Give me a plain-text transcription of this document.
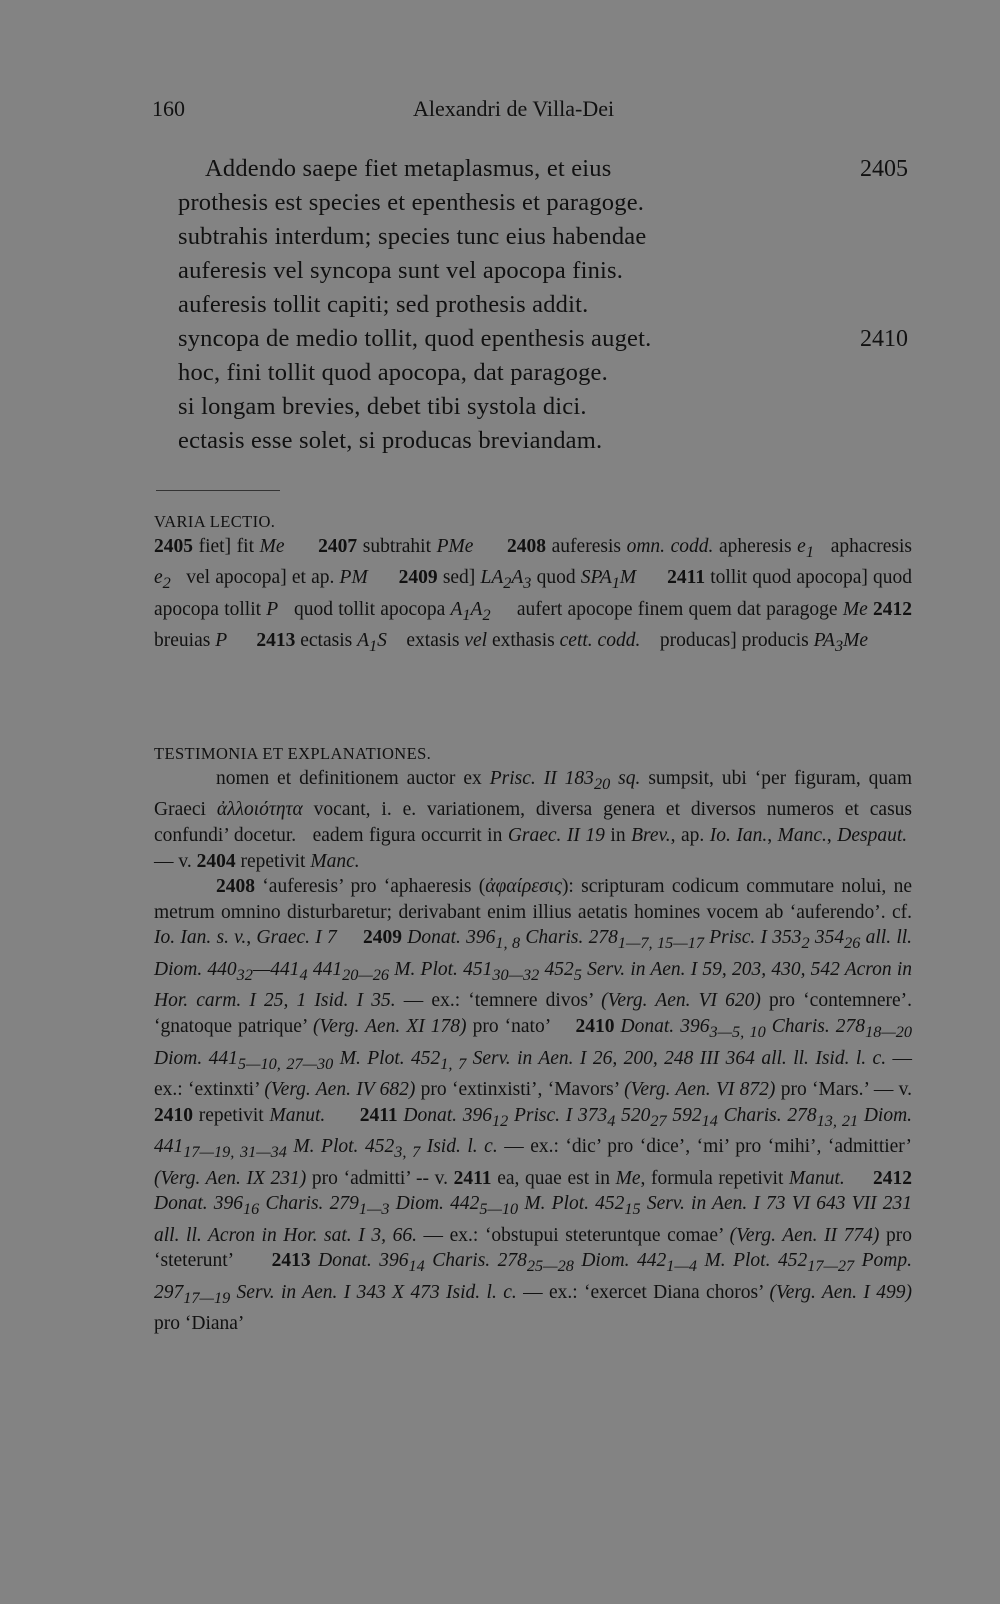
160	Alexandri de Villa-Dei
Addendo saepe fiet metaplasmus, et eius	2405
prothesis est species et epenthesis et paragoge.
subtrahis interdum; species tunc eius habendae
auferesis vel syncopa sunt vel apocopa finis.
auferesis tollit capiti; sed prothesis addit.
syncopa de medio tollit, quod epenthesis auget.	2410
hoc, fini tollit quod apocopa, dat paragoge.
si longam brevies, debet tibi systola dici.
ectasis esse solet, si producas breviandam.
VARIA LECTIO.
2405 fiet] fit Me 2407 subtrahit PMe 2408 auferesis omn. codd. apheresis $e_1$   aphacresis $e_2$   vel apocopa] et ap. PM 2409 sed] $LA_2A_3$ quod $SPA_1M$ 2411 tollit quod apocopa] quod apocopa tollit P   quod tollit apocopa $A_1A_2$     aufert apocope finem quem dat paragoge Me 2412 breuias P 2413 ectasis $A_1S$    extasis vel exthasis cett. codd.    producas] producis $PA_3Me$
TESTIMONIA ET EXPLANATIONES.

nomen et definitionem auctor ex Prisc. II $183_{20}$ sq. sumpsit, ubi ‘per figuram, quam Graeci ἀλλοιότητα vocant, i. e. variationem, diversa genera et diversos numeros et casus confundi’ docetur.   eadem figura occurrit in Graec. II 19 in Brev., ap. Io. Ian., Manc., Despaut.  — v. 2404 repetivit Manc.

2408 ‘auferesis’ pro ‘aphaeresis (ἀφαίρεσις): scripturam codicum commutare nolui, ne metrum omnino disturbaretur; derivabant enim illius aetatis homines vocem ab ‘auferendo’. cf. Io. Ian. s. v., Graec. I 7 2409 Donat. $396_{1, 8}$ Charis. $278_{1—7, 15—17}$ Prisc. I $353_2$ $354_{26}$ all. ll. Diom. $440_{32}—441_4$ $441_{20—26}$ M. Plot. $451_{30—32}$ $452_5$ Serv. in Aen. I 59, 203, 430, 542 Acron in Hor. carm. I 25, 1 Isid. I 35. — ex.: ‘temnere divos’ (Verg. Aen. VI 620) pro ‘contemnere’. ‘gnatoque patrique’ (Verg. Aen. XI 178) pro ‘nato’    2410 Donat. $396_{3—5, 10}$ Charis. $278_{18—20}$ Diom. $441_{5—10, 27—30}$ M. Plot. $452_{1, 7}$ Serv. in Aen. I 26, 200, 248 III 364 all. ll. Isid. l. c. — ex.: ‘extinxti’ (Verg. Aen. IV 682) pro ‘extinxisti’, ‘Mavors’ (Verg. Aen. VI 872) pro ‘Mars.’ — v. 2410 repetivit Manut. 2411 Donat. $396_{12}$ Prisc. I $373_4$ $520_{27}$ $592_{14}$ Charis. $278_{13, 21}$ Diom. $441_{17—19, 31—34}$ M. Plot. $452_{3, 7}$ Isid. l. c. — ex.: ‘dic’ pro ‘dice’, ‘mi’ pro ‘mihi’, ‘admittier’ (Verg. Aen. IX 231) pro ‘admitti’ -- v. 2411 ea, quae est in Me, formula repetivit Manut. 2412 Donat. $396_{16}$ Charis. $279_{1—3}$ Diom. $442_{5—10}$ M. Plot. $452_{15}$ Serv. in Aen. I 73 VI 643 VII 231 all. ll. Acron in Hor. sat. I 3, 66. — ex.: ‘obstupui steteruntque comae’ (Verg. Aen. II 774) pro ‘steterunt’     2413 Donat. $396_{14}$ Charis. $278_{25—28}$ Diom. $442_{1—4}$ M. Plot. $452_{17—27}$ Pomp. $297_{17—19}$ Serv. in Aen. I 343 X 473 Isid. l. c. — ex.: ‘exercet Diana choros’ (Verg. Aen. I 499) pro ‘Diana’
